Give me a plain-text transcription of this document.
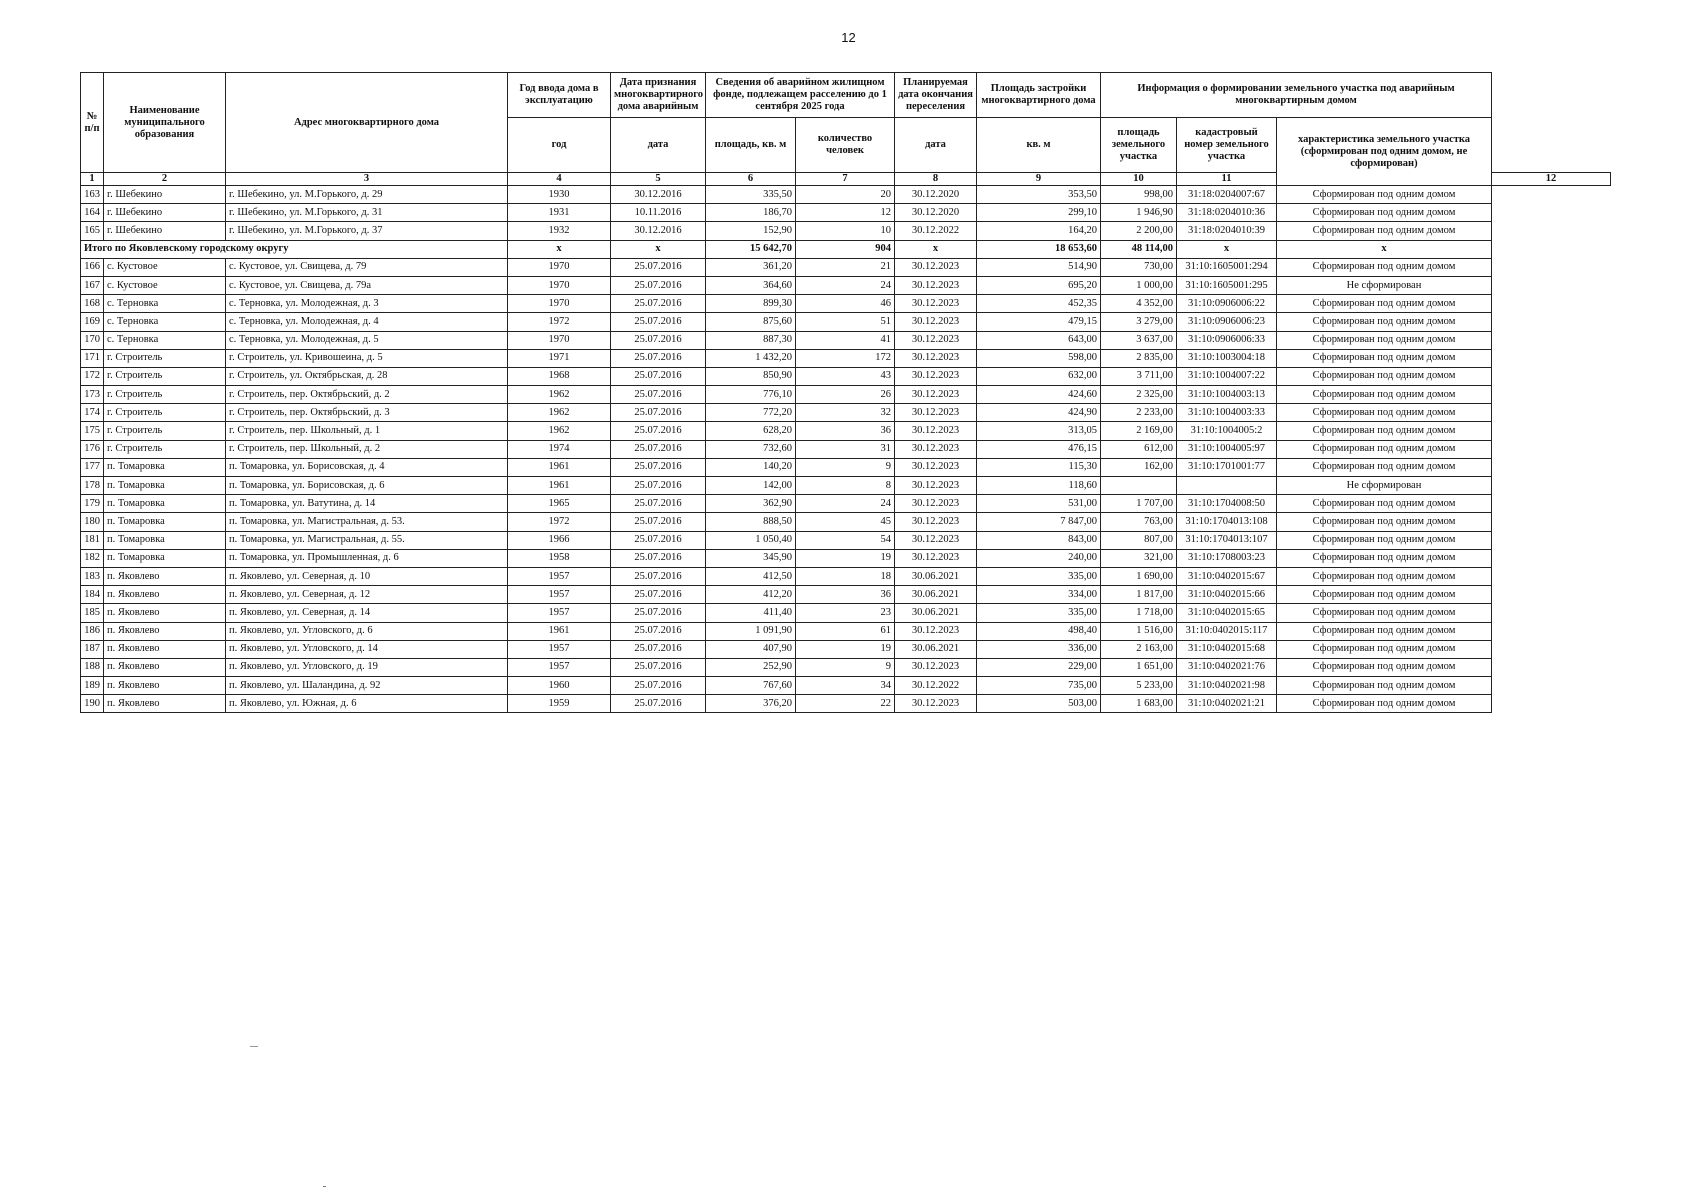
12
№ п/п	Наименование муниципального образования	Адрес многоквартирного дома	Год ввода дома в эксплуатацию	Дата признания многоквартирного дома аварийным	Сведения об аварийном жилищном фонде, подлежащем расселению до 1 сентября 2025 года		Планируемая дата окончания переселения	Площадь застройки многоквартирного дома	Информация о формировании земельного участка под аварийным многоквартирным домом			
									площадь земельного участка	кадастровый номер земельного участка	характеристика земельного участка (сформирован под одним домом, не сформирован)	
			год	дата	площадь, кв. м	количество человек	дата	кв. м				
1	2	3	4	5	6	7	8	9	10	11		12
163	г. Шебекино	г. Шебекино, ул. М.Горького, д. 29	1930	30.12.2016	335,50	20	30.12.2020	353,50	998,00	31:18:0204007:67	Сформирован под одним домом	
164	г. Шебекино	г. Шебекино, ул. М.Горького, д. 31	1931	10.11.2016	186,70	12	30.12.2020	299,10	1 946,90	31:18:0204010:36	Сформирован под одним домом	
165	г. Шебекино	г. Шебекино, ул. М.Горького, д. 37	1932	30.12.2016	152,90	10	30.12.2022	164,20	2 200,00	31:18:0204010:39	Сформирован под одним домом	
Итого по Яковлевскому городскому округу			x	x	15 642,70	904	x	18 653,60	48 114,00	x	x	
166	с. Кустовое	с. Кустовое, ул. Свищева, д. 79	1970	25.07.2016	361,20	21	30.12.2023	514,90	730,00	31:10:1605001:294	Сформирован под одним домом	
167	с. Кустовое	с. Кустовое, ул. Свищева, д. 79а	1970	25.07.2016	364,60	24	30.12.2023	695,20	1 000,00	31:10:1605001:295	Не сформирован	
168	с. Терновка	с. Терновка, ул. Молодежная, д. 3	1970	25.07.2016	899,30	46	30.12.2023	452,35	4 352,00	31:10:0906006:22	Сформирован под одним домом	
169	с. Терновка	с. Терновка, ул. Молодежная, д. 4	1972	25.07.2016	875,60	51	30.12.2023	479,15	3 279,00	31:10:0906006:23	Сформирован под одним домом	
170	с. Терновка	с. Терновка, ул. Молодежная, д. 5	1970	25.07.2016	887,30	41	30.12.2023	643,00	3 637,00	31:10:0906006:33	Сформирован под одним домом	
171	г. Строитель	г. Строитель, ул. Кривошеина, д. 5	1971	25.07.2016	1 432,20	172	30.12.2023	598,00	2 835,00	31:10:1003004:18	Сформирован под одним домом	
172	г. Строитель	г. Строитель, ул. Октябрьская, д. 28	1968	25.07.2016	850,90	43	30.12.2023	632,00	3 711,00	31:10:1004007:22	Сформирован под одним домом	
173	г. Строитель	г. Строитель, пер. Октябрьский, д. 2	1962	25.07.2016	776,10	26	30.12.2023	424,60	2 325,00	31:10:1004003:13	Сформирован под одним домом	
174	г. Строитель	г. Строитель, пер. Октябрьский, д. 3	1962	25.07.2016	772,20	32	30.12.2023	424,90	2 233,00	31:10:1004003:33	Сформирован под одним домом	
175	г. Строитель	г. Строитель, пер. Школьный, д. 1	1962	25.07.2016	628,20	36	30.12.2023	313,05	2 169,00	31:10:1004005:2	Сформирован под одним домом	
176	г. Строитель	г. Строитель, пер. Школьный, д. 2	1974	25.07.2016	732,60	31	30.12.2023	476,15	612,00	31:10:1004005:97	Сформирован под одним домом	
177	п. Томаровка	п. Томаровка, ул. Борисовская, д. 4	1961	25.07.2016	140,20	9	30.12.2023	115,30	162,00	31:10:1701001:77	Сформирован под одним домом	
178	п. Томаровка	п. Томаровка, ул. Борисовская, д. 6	1961	25.07.2016	142,00	8	30.12.2023	118,60			Не сформирован	
179	п. Томаровка	п. Томаровка, ул. Ватутина, д. 14	1965	25.07.2016	362,90	24	30.12.2023	531,00	1 707,00	31:10:1704008:50	Сформирован под одним домом	
180	п. Томаровка	п. Томаровка, ул. Магистральная, д. 53.	1972	25.07.2016	888,50	45	30.12.2023	7 847,00	763,00	31:10:1704013:108	Сформирован под одним домом	
181	п. Томаровка	п. Томаровка, ул. Магистральная, д. 55.	1966	25.07.2016	1 050,40	54	30.12.2023	843,00	807,00	31:10:1704013:107	Сформирован под одним домом	
182	п. Томаровка	п. Томаровка, ул. Промышленная, д. 6	1958	25.07.2016	345,90	19	30.12.2023	240,00	321,00	31:10:1708003:23	Сформирован под одним домом	
183	п. Яковлево	п. Яковлево, ул. Северная, д. 10	1957	25.07.2016	412,50	18	30.06.2021	335,00	1 690,00	31:10:0402015:67	Сформирован под одним домом	
184	п. Яковлево	п. Яковлево, ул. Северная, д. 12	1957	25.07.2016	412,20	36	30.06.2021	334,00	1 817,00	31:10:0402015:66	Сформирован под одним домом	
185	п. Яковлево	п. Яковлево, ул. Северная, д. 14	1957	25.07.2016	411,40	23	30.06.2021	335,00	1 718,00	31:10:0402015:65	Сформирован под одним домом	
186	п. Яковлево	п. Яковлево, ул. Угловского, д. 6	1961	25.07.2016	1 091,90	61	30.12.2023	498,40	1 516,00	31:10:0402015:117	Сформирован под одним домом	
187	п. Яковлево	п. Яковлево, ул. Угловского, д. 14	1957	25.07.2016	407,90	19	30.06.2021	336,00	2 163,00	31:10:0402015:68	Сформирован под одним домом	
188	п. Яковлево	п. Яковлево, ул. Угловского, д. 19	1957	25.07.2016	252,90	9	30.12.2023	229,00	1 651,00	31:10:0402021:76	Сформирован под одним домом	
189	п. Яковлево	п. Яковлево, ул. Шаландина, д. 92	1960	25.07.2016	767,60	34	30.12.2022	735,00	5 233,00	31:10:0402021:98	Сформирован под одним домом	
190	п. Яковлево	п. Яковлево, ул. Южная, д. 6	1959	25.07.2016	376,20	22	30.12.2023	503,00	1 683,00	31:10:0402021:21	Сформирован под одним домом	
